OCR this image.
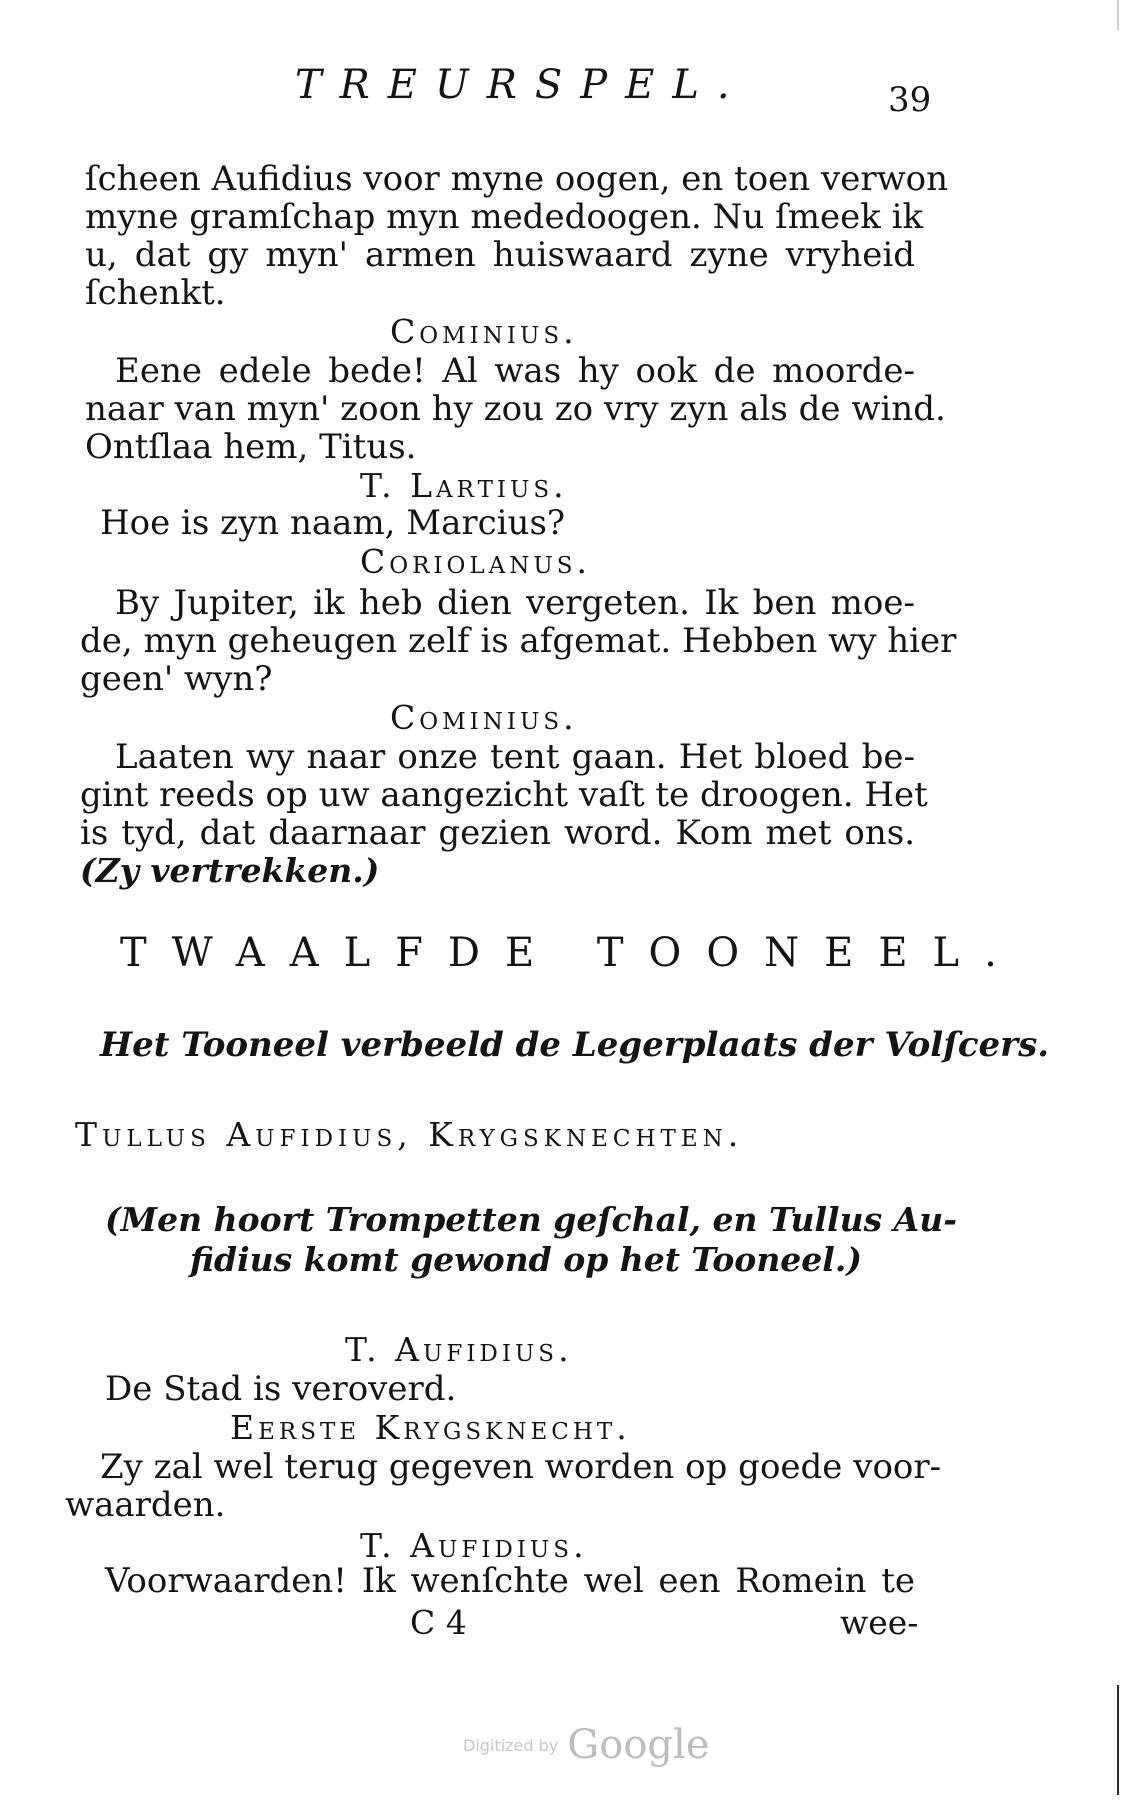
TREURSPEL.	39
ſcheen Aufidius voor myne oogen, en toen verwon
myne gramſchap myn mededoogen. Nu ſmeek ik
u, dat gy myn' armen huiswaard zyne vryheid
ſchenkt.
Cominius.
Eene edele bede! Al was hy ook de moorde-
naar van myn' zoon hy zou zo vry zyn als de wind.
Ontſlaa hem, Titus.
T. Lartius.
Hoe is zyn naam, Marcius?
Coriolanus.
By Jupiter, ik heb dien vergeten. Ik ben moe-
de, myn geheugen zelf is afgemat. Hebben wy hier
geen' wyn?
Cominius.
Laaten wy naar onze tent gaan. Het bloed be-
gint reeds op uw aangezicht vaſt te droogen. Het
is tyd, dat daarnaar gezien word. Kom met ons.
(Zy vertrekken.)
TWAALFDE TOONEEL.
Het Tooneel verbeeld de Legerplaats der Volſcers.
Tullus Aufidius, Krygsknechten.
(Men hoort Trompetten geſchal, en Tullus Au-
fidius komt gewond op het Tooneel.)
T. Aufidius.
De Stad is veroverd.
Eerste Krygsknecht.
Zy zal wel terug gegeven worden op goede voor-
waarden.
T. Aufidius.
Voorwaarden! Ik wenſchte wel een Romein te
C 4	wee-
Digitized by Google
